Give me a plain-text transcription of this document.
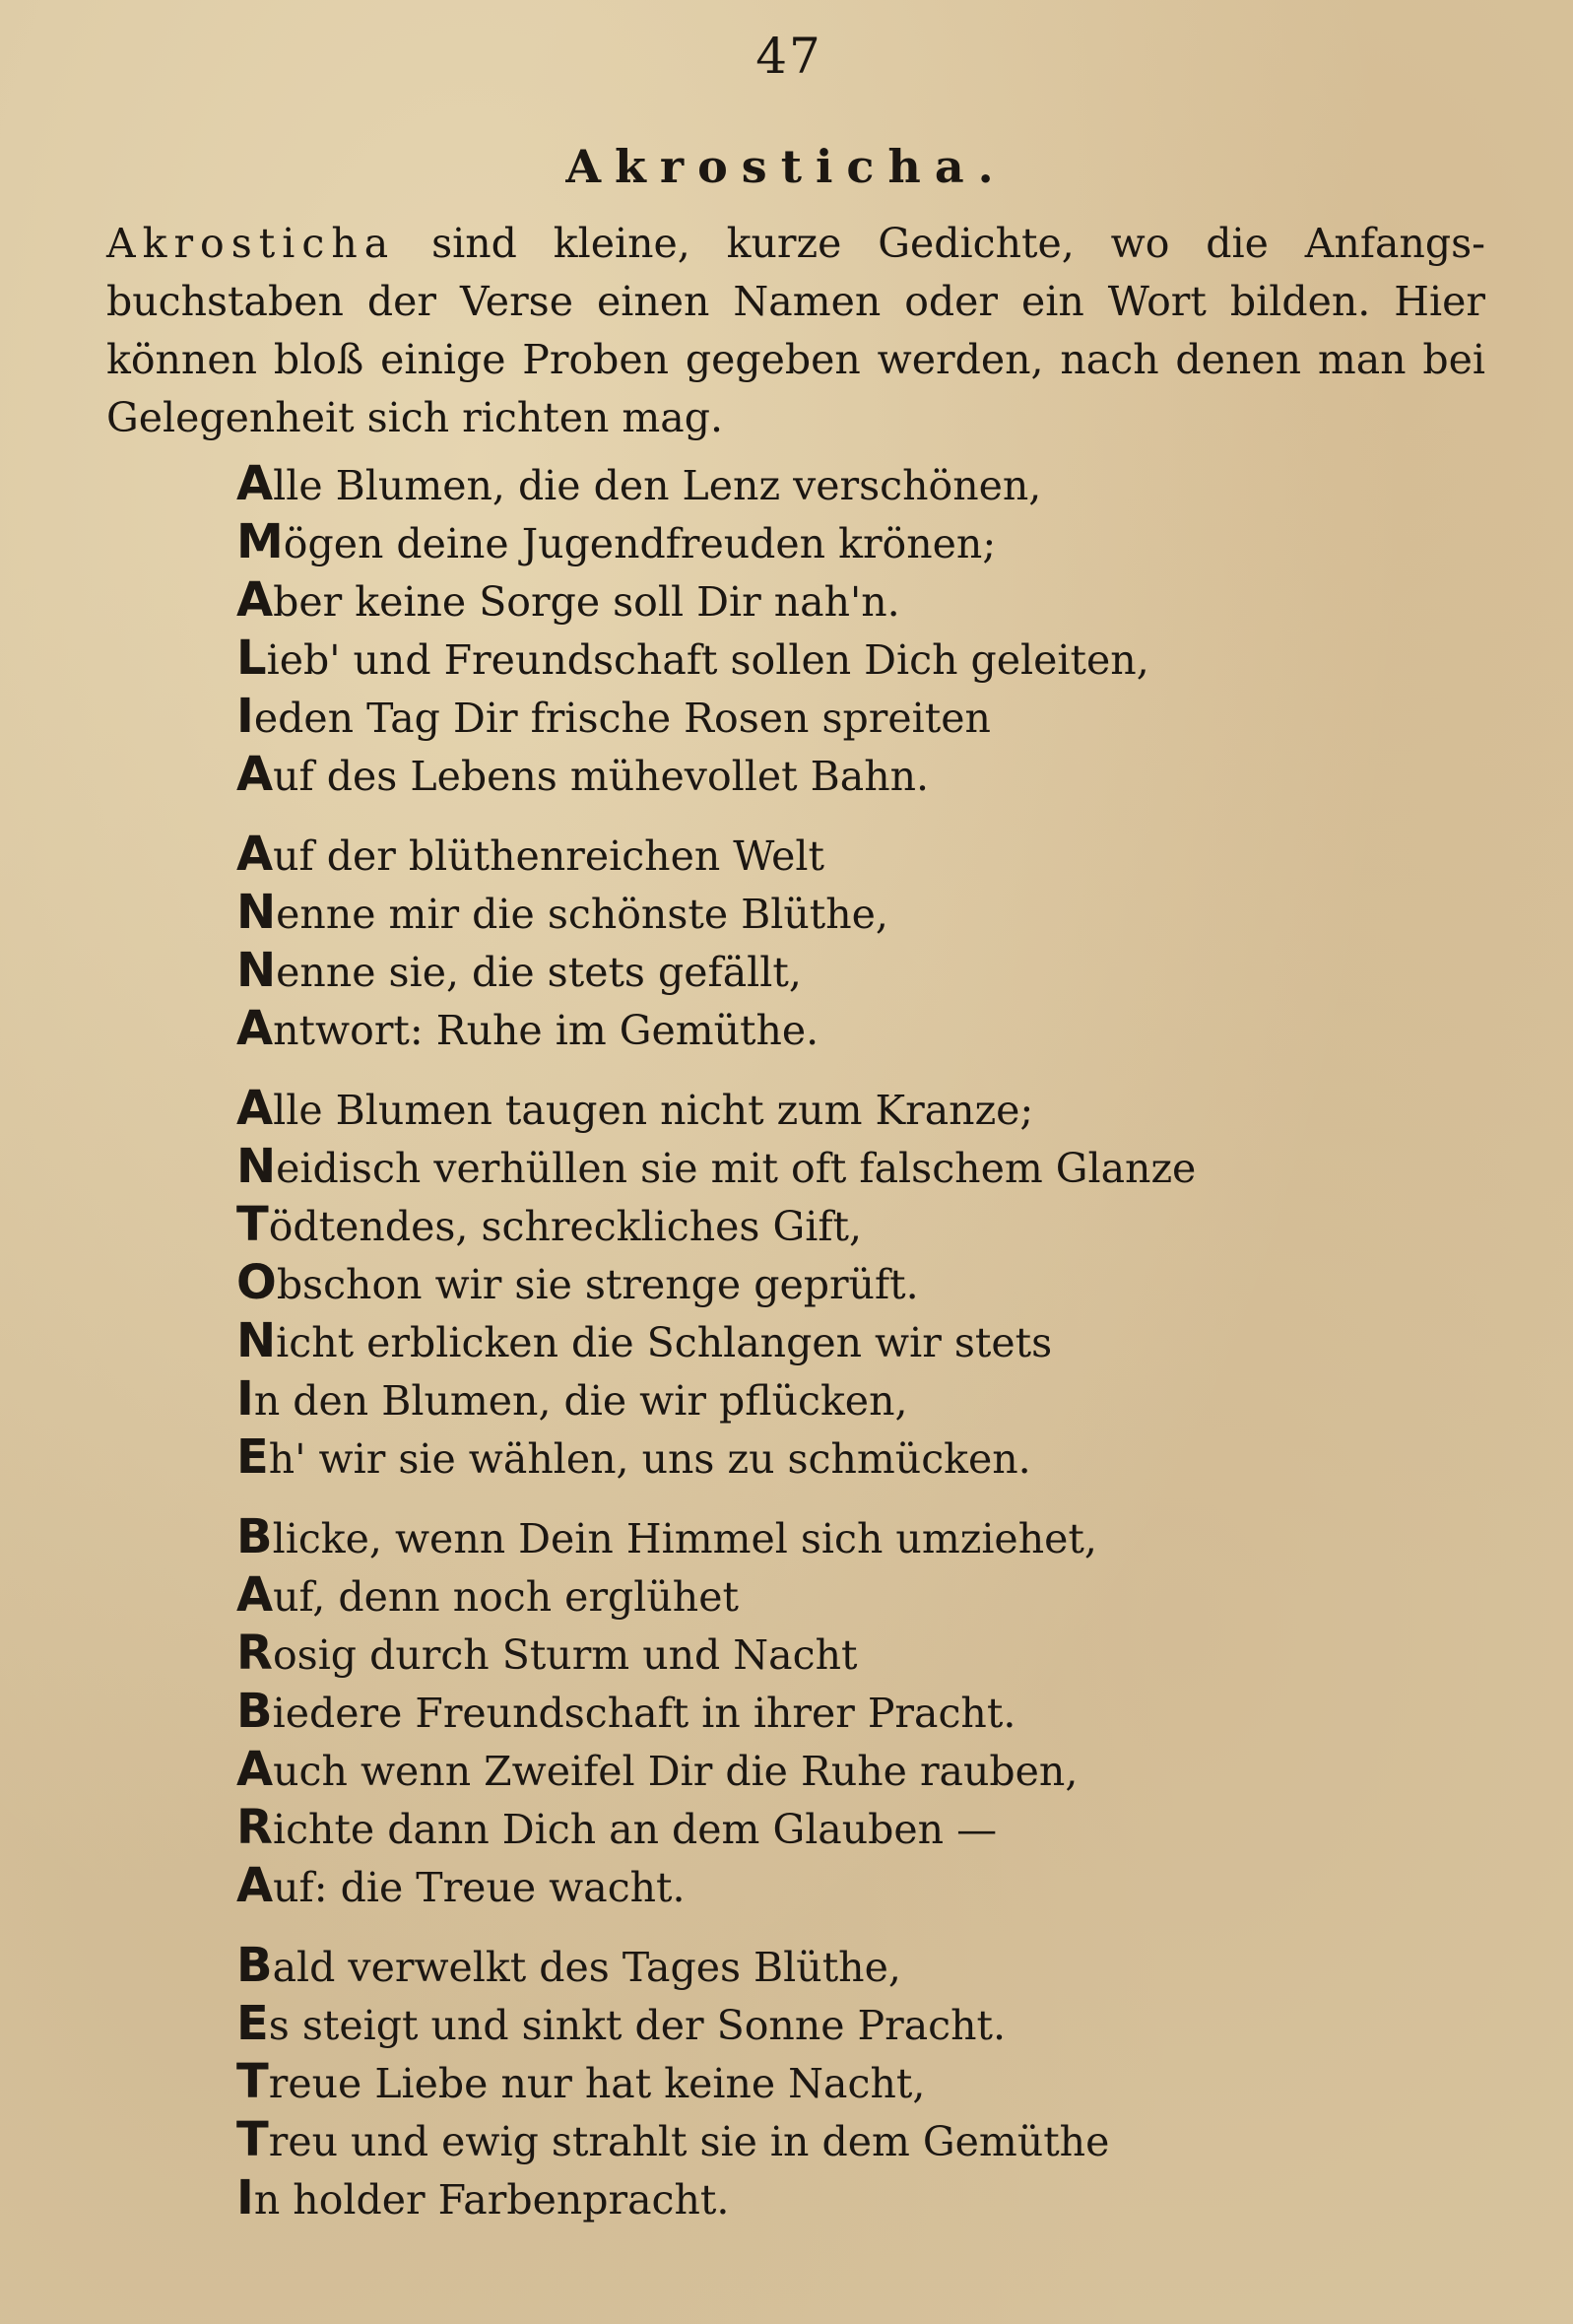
47
Akrosticha.

Akrosticha sind kleine, kurze Gedichte, wo die Anfangs- buchstaben der Verse einen Namen oder ein Wort bilden. Hier können bloß einige Proben gegeben werden, nach denen man bei Gelegenheit sich richten mag.

Alle Blumen, die den Lenz verschönen,
Mögen deine Jugendfreuden krönen;
Aber keine Sorge soll Dir nah'n.
Lieb' und Freundschaft sollen Dich geleiten,
Ieden Tag Dir frische Rosen spreiten
Auf des Lebens mühevollet Bahn.
Auf der blüthenreichen Welt
Nenne mir die schönste Blüthe,
Nenne sie, die stets gefällt,
Antwort: Ruhe im Gemüthe.
Alle Blumen taugen nicht zum Kranze;
Neidisch verhüllen sie mit oft falschem Glanze
Tödtendes, schreckliches Gift,
Obschon wir sie strenge geprüft.
Nicht erblicken die Schlangen wir stets
In den Blumen, die wir pflücken,
Eh' wir sie wählen, uns zu schmücken.
Blicke, wenn Dein Himmel sich umziehet,
Auf, denn noch erglühet
Rosig durch Sturm und Nacht
Biedere Freundschaft in ihrer Pracht.
Auch wenn Zweifel Dir die Ruhe rauben,
Richte dann Dich an dem Glauben —
Auf: die Treue wacht.
Bald verwelkt des Tages Blüthe,
Es steigt und sinkt der Sonne Pracht.
Treue Liebe nur hat keine Nacht,
Treu und ewig strahlt sie in dem Gemüthe
In holder Farbenpracht.
